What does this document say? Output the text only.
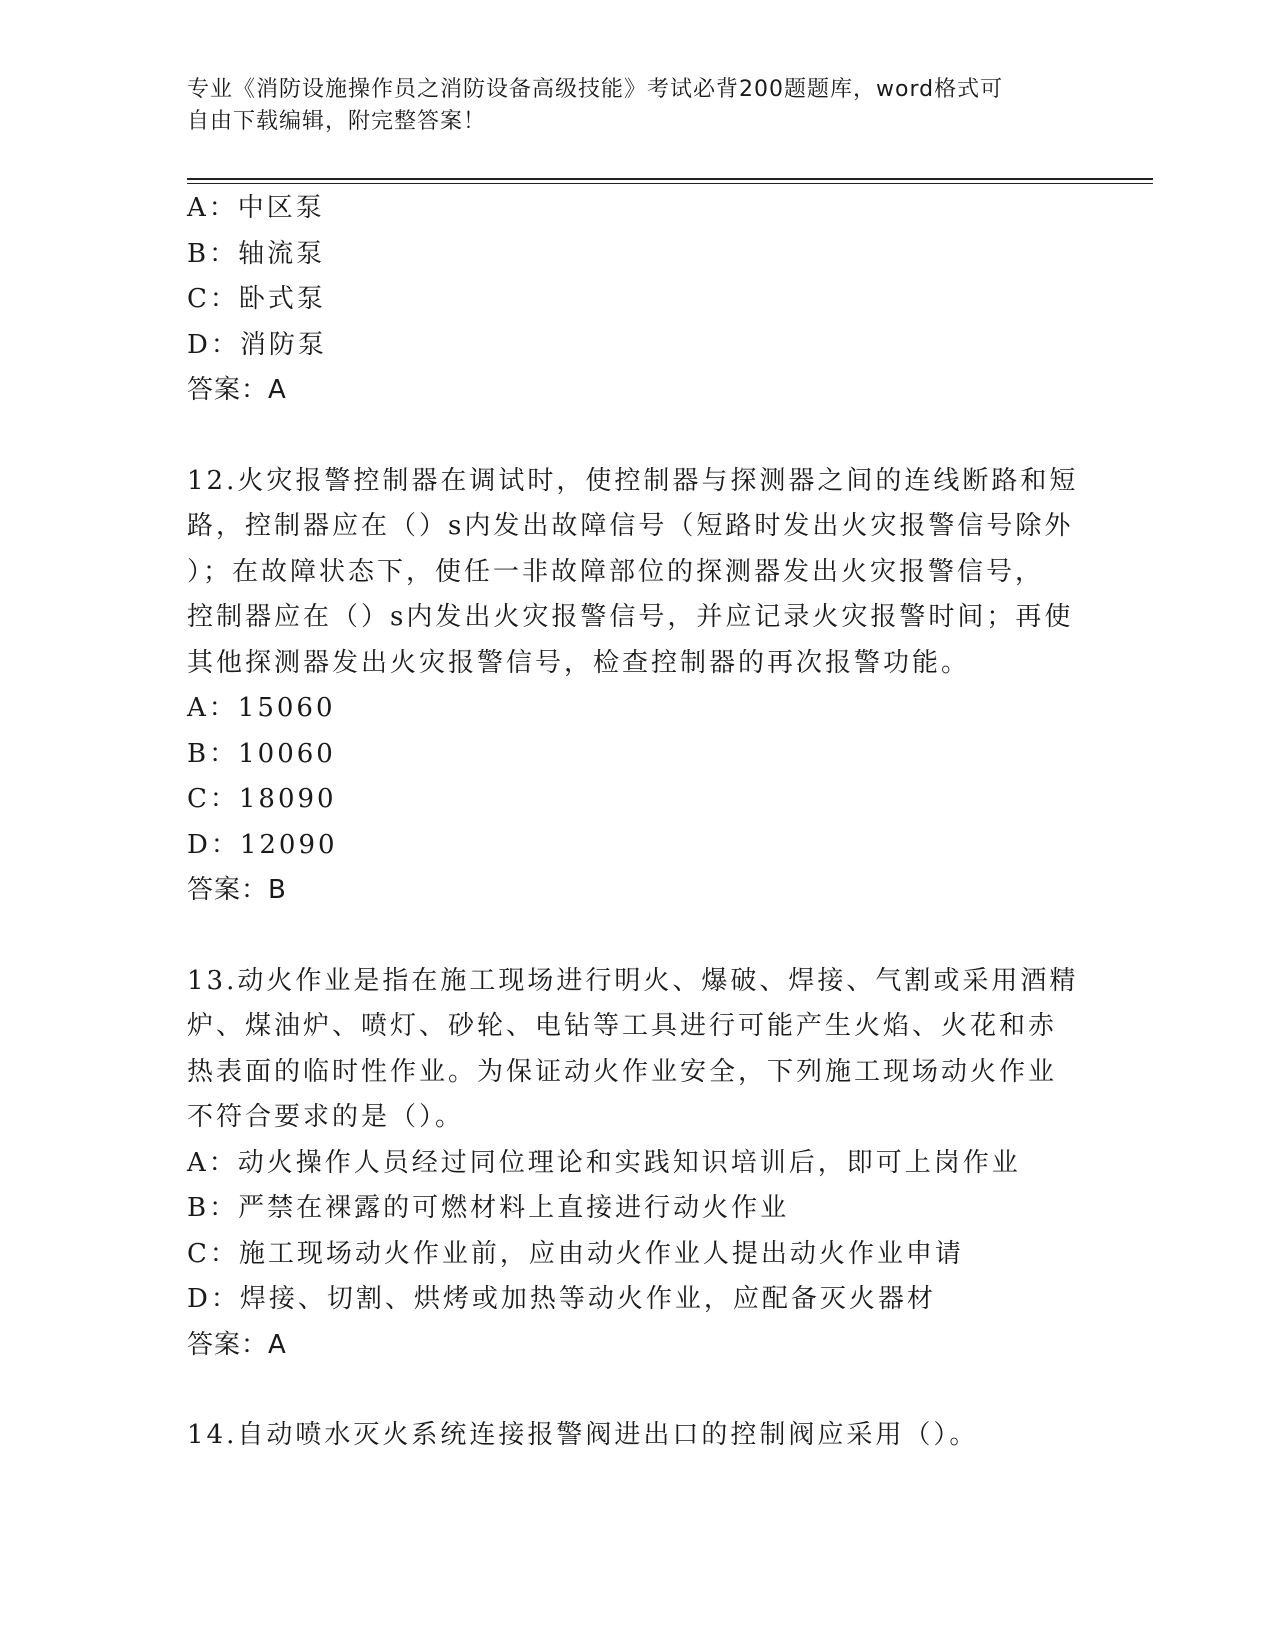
专业《消防设施操作员之消防设备高级技能》考试必背200题题库，word格式可
自由下载编辑，附完整答案！
A：中区泵
B：轴流泵
C：卧式泵
D：消防泵
答案：A
12.火灾报警控制器在调试时，使控制器与探测器之间的连线断路和短
路，控制器应在（）s内发出故障信号（短路时发出火灾报警信号除外
）；在故障状态下，使任一非故障部位的探测器发出火灾报警信号，
控制器应在（）s内发出火灾报警信号，并应记录火灾报警时间；再使
其他探测器发出火灾报警信号，检查控制器的再次报警功能。
A：15060
B：10060
C：18090
D：12090
答案：B
13.动火作业是指在施工现场进行明火、爆破、焊接、气割或采用酒精
炉、煤油炉、喷灯、砂轮、电钻等工具进行可能产生火焰、火花和赤
热表面的临时性作业。为保证动火作业安全，下列施工现场动火作业
不符合要求的是（）。
A：动火操作人员经过同位理论和实践知识培训后，即可上岗作业
B：严禁在裸露的可燃材料上直接进行动火作业
C：施工现场动火作业前，应由动火作业人提出动火作业申请
D：焊接、切割、烘烤或加热等动火作业，应配备灭火器材
答案：A
14.自动喷水灭火系统连接报警阀进出口的控制阀应采用（）。
